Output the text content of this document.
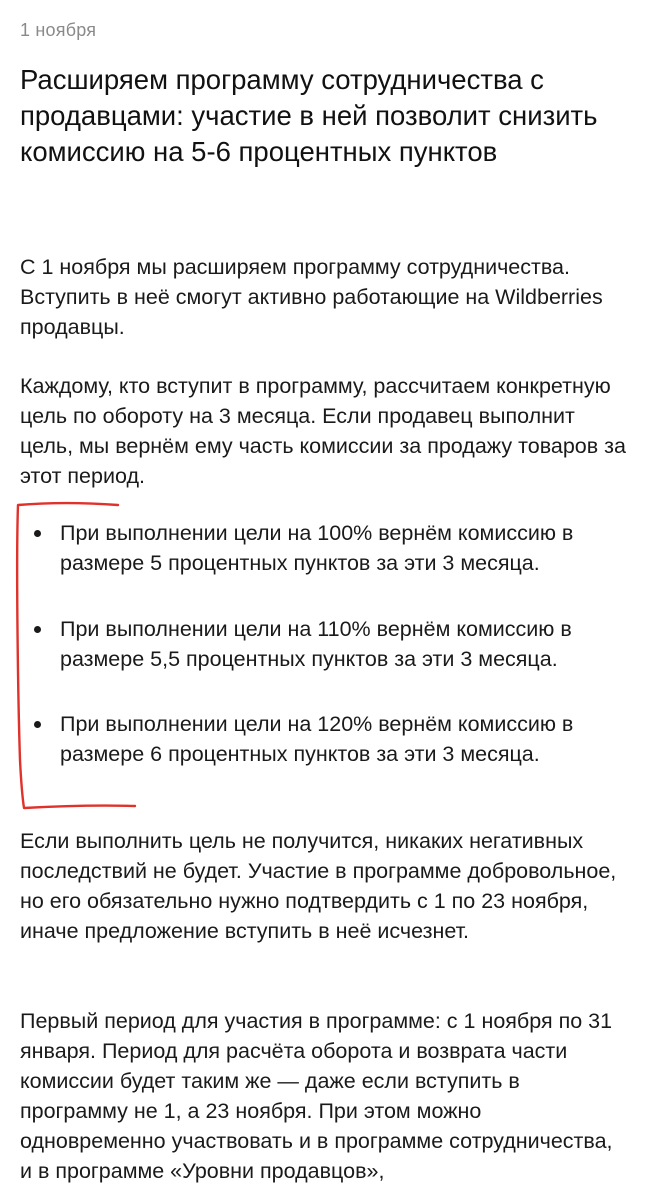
1 ноября
Расширяем программу сотрудничества с продавцами: участие в ней позволит снизить комиссию на 5-6 процентных пунктов

С 1 ноября мы расширяем программу сотрудничества. Вступить в неё смогут активно работающие на Wildberries продавцы.

Каждому, кто вступит в программу, рассчитаем конкретную цель по обороту на 3 месяца. Если продавец выполнит цель, мы вернём ему часть комиссии за продажу товаров за этот период.

При выполнении цели на 100% вернём комиссию в размере 5 процентных пунктов за эти 3 месяца.
При выполнении цели на 110% вернём комиссию в размере 5,5 процентных пунктов за эти 3 месяца.
При выполнении цели на 120% вернём комиссию в размере 6 процентных пунктов за эти 3 месяца.

Если выполнить цель не получится, никаких негативных последствий не будет. Участие в программе добровольное, но его обязательно нужно подтвердить с 1 по 23 ноября, иначе предложение вступить в неё исчезнет.

Первый период для участия в программе: с 1 ноября по 31 января. Период для расчёта оборота и возврата части комиссии будет таким же — даже если вступить в программу не 1, а 23 ноября. При этом можно одновременно участвовать и в программе сотрудничества, и в программе «Уровни продавцов»,
